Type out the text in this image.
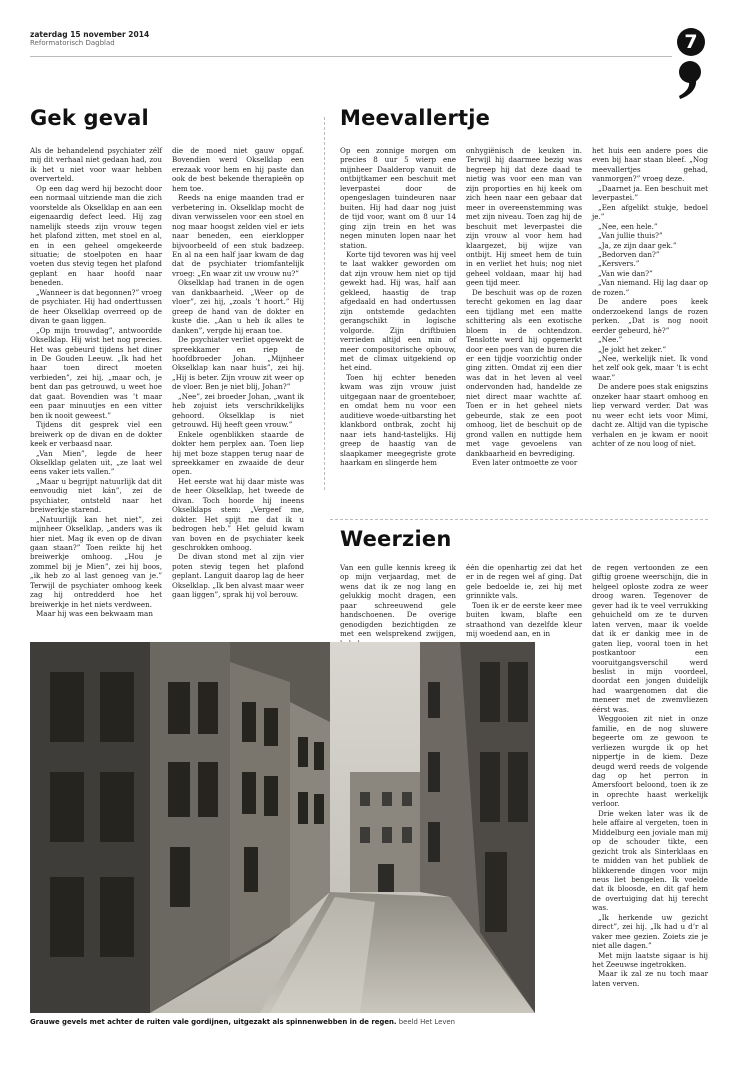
zaterdag 15 november 2014
Reformatorisch Dagblad	7
Gek geval

Als de behandelend psychiater zélf mij dit verhaal niet gedaan had, zou ik het u niet voor waar hebben oververteld.

Op een dag werd hij bezocht door een normaal uitziende man die zich voorstelde als Okselklap en aan een eigenaardig defect leed. Hij zag namelijk steeds zijn vrouw tegen het plafond zitten, met stoel en al, en in een geheel omgekeerde situatie; de stoelpoten en haar voeten dus stevig tegen het plafond geplant en haar hoofd naar beneden.

„Wanneer is dat begonnen?” vroeg de psychiater. Hij had onderttussen de heer Okselklap overreed op de divan te gaan liggen.

„Op mijn trouwdag”, antwoordde Okselklap. Hij wist het nog precies. Het was gebeurd tijdens het diner in De Gouden Leeuw. „Ik had het haar toen direct moeten verbieden”, zei hij, „maar och, je bent dan pas getrouwd, u weet hoe dat gaat. Bovendien was ’t maar een paar minuutjes en een vitter ben ik nooit geweest.”

Tijdens dit gesprek viel een breiwerk op de divan en de dokter keek er verbaasd naar.

„Van Mien”, legde de heer Okselklap gelaten uit, „ze laat wel eens vaker iets vallen.”

„Maar u begrijpt natuurlijk dat dit eenvoudig niet kán”, zei de psychiater, ontsteld naar het breiwerkje starend.

„Natuurlijk kan het niet”, zei mijnheer Okselklap, „anders was ik hier niet. Mag ik even op de divan gaan staan?” Toen reikte hij het breiwerkje omhoog. „Hou je zommel bij je Mien”, zei hij boos, „ik heb zo al last genoeg van je.” Terwijl de psychiater omhoog keek zag hij ontredderd hoe het breiwerkje in het niets verdween.

Maar hij was een bekwaam man

die de moed niet gauw opgaf. Bovendien werd Okselklap een erezaak voor hem en hij paste dan ook de best bekende therapieën op hem toe.

Reeds na enige maanden trad er verbetering in. Okselklap mocht de divan verwisselen voor een stoel en nog maar hoogst zelden viel er iets naar beneden, een eierklopper bijvoorbeeld of een stuk badzeep. En al na een half jaar kwam de dag dat de psychiater triomfantelijk vroeg: „En waar zit uw vrouw nu?”

Okselklap had tranen in de ogen van dankbaarheid. „Weer op de vloer”, zei hij, „zoals ’t hoort.” Hij greep de hand van de dokter en kuste die. „Aan u heb ik alles te danken”, vergde hij eraan toe.

De psychiater verliet opgewekt de spreekkamer en riep de hoofdbroeder Johan. „Mijnheer Okselklap kan naar huis”, zei hij. „Hij is beter. Zijn vrouw zit weer op de vloer. Ben je niet blij, Johan?”

„Nee”, zei broeder Johan, „want ik heb zojuist iets verschrikkelijks gehoord. Okselklap is niet getrouwd. Hij heeft geen vrouw.”

Enkele ogenblikken staarde de dokter hem perplex aan. Toen liep hij met boze stappen terug naar de spreekkamer en zwaaide de deur open.

Het eerste wat hij daar miste was de heer Okselklap, het tweede de divan. Toch hoorde hij ineens Okselklaps stem: „Vergeef me, dokter. Het spijt me dat ik u bedrogen heb.” Het geluid kwam van boven en de psychiater keek geschrokken omhoog.

De divan stond met al zijn vier poten stevig tegen het plafond geplant. Languit daarop lag de heer Okselklap. „Ik ben alvast maar weer gaan liggen”, sprak hij vol berouw.

Meevallertje

Op een zonnige morgen om precies 8 uur 5 wierp ene mijnheer Daalderop vanuit de ontbijtkamer een beschuit met leverpastei door de opengeslagen tuindeuren naar buiten. Hij had daar nog juist de tijd voor, want om 8 uur 14 ging zijn trein en het was negen minuten lopen naar het station.

Korte tijd tevoren was hij veel te laat wakker geworden om dat zijn vrouw hem niet op tijd gewekt had. Hij was, half aan gekleed, haastig de trap afgedaald en had ondertussen zijn ontstemde gedachten gerangschikt in logische volgorde. Zijn driftbuien verrieden altijd een min of meer compositorische opbouw, met de climax uitgekiend op het eind.

Toen hij echter beneden kwam was zijn vrouw juist uitgegaan naar de groenteboer, en omdat hem nu voor een auditieve woede-uitbarsting het klankbord ontbrak, zocht hij naar iets hand-tastelijks. Hij greep de haastig van de slaapkamer meegegriste grote haarkam en slingerde hem

onhygiënisch de keuken in. Terwijl hij daarmee bezig was begreep hij dat deze daad te nietig was voor een man van zijn proporties en hij keek om zich heen naar een gebaar dat meer in overeenstemming was met zijn niveau. Toen zag hij de beschuit met leverpastei die zijn vrouw al voor hem had klaargezet, bij wijze van ontbijt. Hij smeet hem de tuin in en verliet het huis; nog niet geheel voldaan, maar hij had geen tijd meer.

De beschuit was op de rozen terecht gekomen en lag daar een tijdlang met een matte schittering als een exotische bloem in de ochtendzon. Tenslotte werd hij opgemerkt door een poes van de buren die er een tijdje voorzichtig onder ging zitten. Omdat zij een dier was dat in het leven al veel ondervonden had, handelde ze niet direct maar wachtte af. Toen er in het geheel niets gebeurde, stak ze een poot omhoog, liet de beschuit op de grond vallen en nuttigde hem met vage gevoelens van dankbaarheid en bevrediging.

Even later ontmoette ze voor

het huis een andere poes die even bij haar staan bleef. „Nog meevallertjes gehad, vanmorgen?” vroeg deze.

„Daarnet ja. Een beschuit met leverpastei.”

„Een afgelikt stukje, bedoel je.”

„Nee, een hele.”

„Van jullie thuis?”

„Ja, ze zijn daar gek.”

„Bedorven dan?”

„Kersvers.”

„Van wie dan?”

„Van niemand. Hij lag daar op de rozen.”

De andere poes keek onderzoekend langs de rozen perken. „Dat is nog nooit eerder gebeurd, hè?”

„Nee.”

„Je jokt het zeker.”

„Nee, werkelijk niet. Ik vond het zelf ook gek, maar ’t is echt waar.”

De andere poes stak enigszins onzeker haar staart omhoog en liep verward verder. Dat was nu weer echt iets voor Mimi, dacht ze. Altijd van die typische verhalen en je kwam er nooit achter of ze nou loog of niet.

Weerzien

Van een gulle kennis kreeg ik op mijn verjaardag, met de wens dat ik ze nog lang en gelukkig mocht dragen, een paar schreeuwend gele handschoenen. De overige genodigden bezichtigden ze met een welsprekend zwijgen,

één die openhartig zei dat het er in de regen wel af ging. Dat gele bedoelde ie, zei hij met grinnikte vals.

Toen ik er de eerste keer mee buiten kwam, blafte een straathond van dezelfde kleur mij woedend aan, en in

de regen vertoonden ze een giftig groene weerschijn, die in helgeel oploste zodra ze weer droog waren. Tegenover de gever had ik te veel verrukking gehuicheld om ze te durven laten verven, maar ik voelde dat ik er dankig mee in de gaten liep, vooral toen in het postkantoor een vooruitgangsverschil werd beslist in mijn voordeel, doordat een jongen duidelijk had waargenomen dat die meneer met de zwemvliezen éérst was.

Weggooien zit niet in onze familie, en de nog sluwere begeerte om ze gewoon te verliezen wurgde ik op het nippertje in de kiem. Deze deugd werd reeds de volgende dag op het perron in Amersfoort beloond, toen ik ze in oprechte haast werkelijk verloor.

Drie weken later was ik de hele affaire al vergeten, toen in Middelburg een joviale man mij op de schouder tikte, een gezicht trok als Sinterklaas en te midden van het publiek de blikkerende dingen voor mijn neus liet bengelen. Ik voelde dat ik bloosde, en dit gaf hem de overtuiging dat hij terecht was.

„Ik herkende uw gezicht direct”, zei hij. „Ik had u d’r al vaker mee gezien. Zoiets zie je niet alle dagen.”

Met mijn laatste sigaar is hij het Zeeuwse ingetrokken.

Maar ik zal ze nu toch maar laten verven.

Grauwe gevels met achter de ruiten vale gordijnen, uitgezakt als spinnenwebben in de regen. beeld Het Leven
